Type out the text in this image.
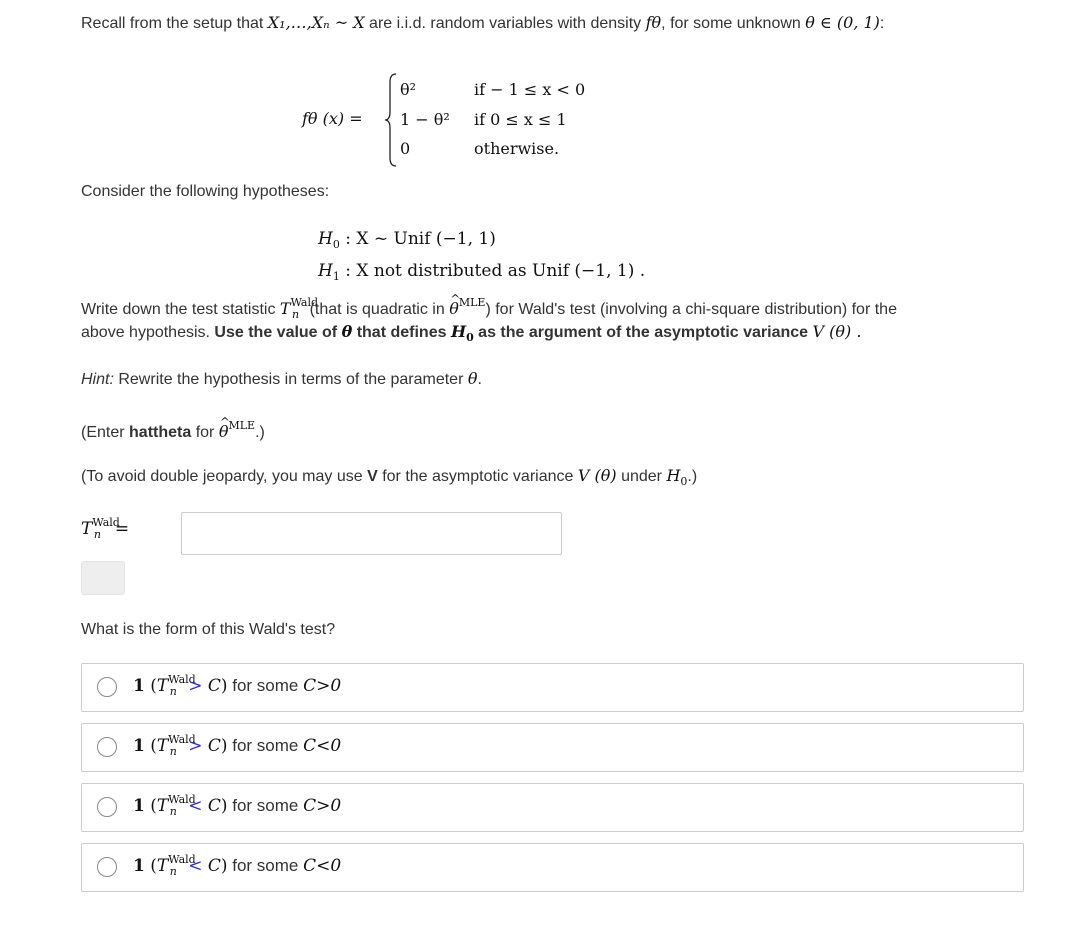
Recall from the setup that X₁,…,Xₙ ~ X are i.i.d. random variables with density fθ, for some unknown θ ∈ (0, 1):
fθ (x) =
θ²	if − 1 ≤ x < 0
1 − θ² if 0 ≤ x ≤ 1
0	otherwise.
Consider the following hypotheses:
$H_0$ : X ~ Unif (−1, 1)
$H_1$ : X not distributed as Unif (−1, 1) .
Write down the test statistic $T^{Wald}_n$ (that is quadratic in ^ $\theta^{MLE}$) for Wald's test (involving a chi-square distribution) for the
above hypothesis. Use the value of θ that defines $H_0$ as the argument of the asymptotic variance V (θ) .
Hint: Rewrite the hypothesis in terms of the parameter θ.
(Enter hattheta for ^ $\theta^{MLE}$.)
(To avoid double jeopardy, you may use V for the asymptotic variance V (θ) under $H_0$.)
$T^{Wald}_n$ =
What is the form of this Wald's test?
1 $(T^{Wald}_n > C)$ for some C>0
1 $(T^{Wald}_n > C)$ for some C<0
1 $(T^{Wald}_n < C)$ for some C>0
1 $(T^{Wald}_n < C)$ for some C<0
